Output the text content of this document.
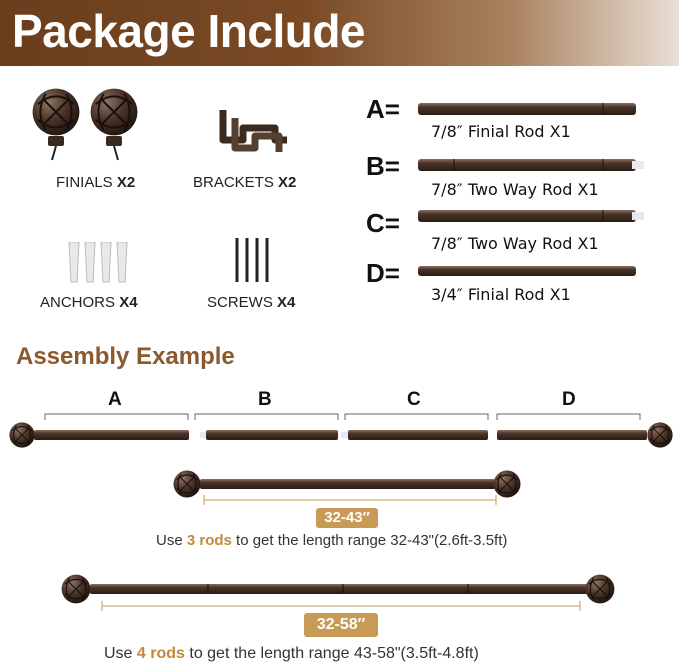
Package Include
FINIALS X2	BRACKETS X2
ANCHORS X4	SCREWS X4
A=
7/8″ Finial Rod X1
B=
7/8″ Two Way Rod X1
C=
7/8″ Two Way Rod X1
D=
3/4″ Finial Rod X1
Assembly Example
A	B	C	D
32-43″
Use 3 rods to get the length range 32-43"(2.6ft-3.5ft)
32-58″
Use 4 rods to get the length range 43-58"(3.5ft-4.8ft)
